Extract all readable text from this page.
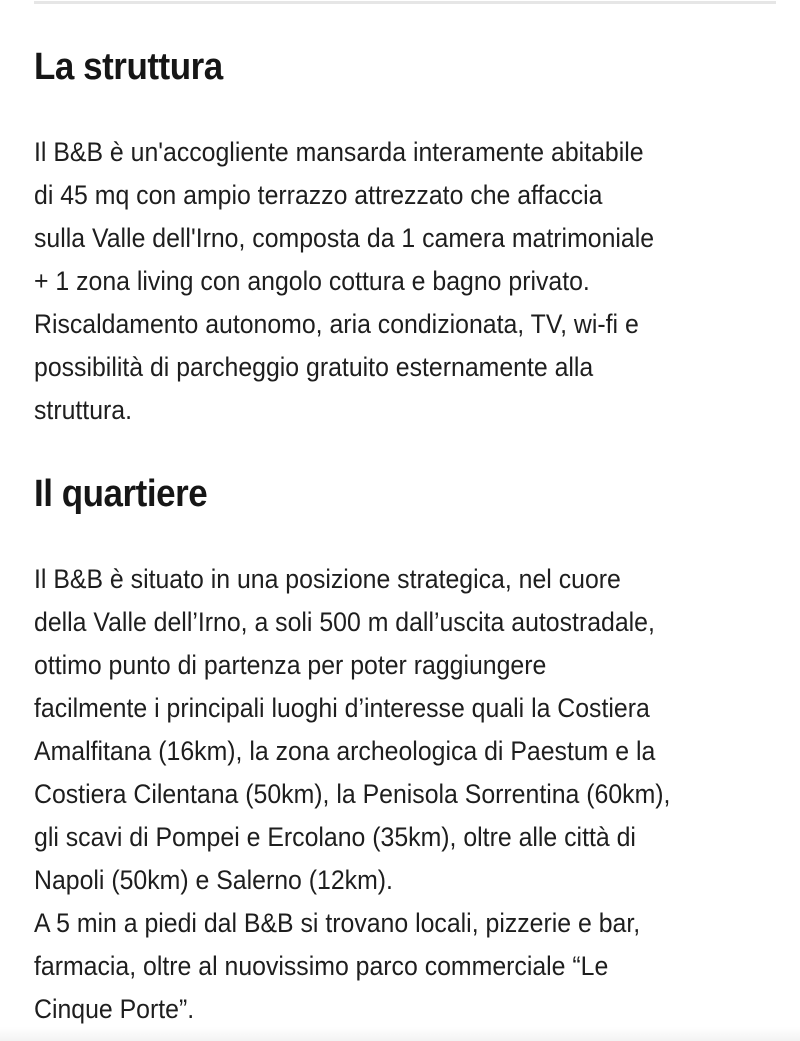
La struttura

Il B&B è un'accogliente mansarda interamente abitabile
di 45 mq con ampio terrazzo attrezzato che affaccia
sulla Valle dell'Irno, composta da 1 camera matrimoniale
+ 1 zona living con angolo cottura e bagno privato.
Riscaldamento autonomo, aria condizionata, TV, wi-fi e
possibilità di parcheggio gratuito esternamente alla
struttura.

Il quartiere

Il B&B è situato in una posizione strategica, nel cuore
della Valle dell’Irno, a soli 500 m dall’uscita autostradale,
ottimo punto di partenza per poter raggiungere
facilmente i principali luoghi d’interesse quali la Costiera
Amalfitana (16km), la zona archeologica di Paestum e la
Costiera Cilentana (50km), la Penisola Sorrentina (60km),
gli scavi di Pompei e Ercolano (35km), oltre alle città di
Napoli (50km) e Salerno (12km).
A 5 min a piedi dal B&B si trovano locali, pizzerie e bar,
farmacia, oltre al nuovissimo parco commerciale “Le
Cinque Porte”.
